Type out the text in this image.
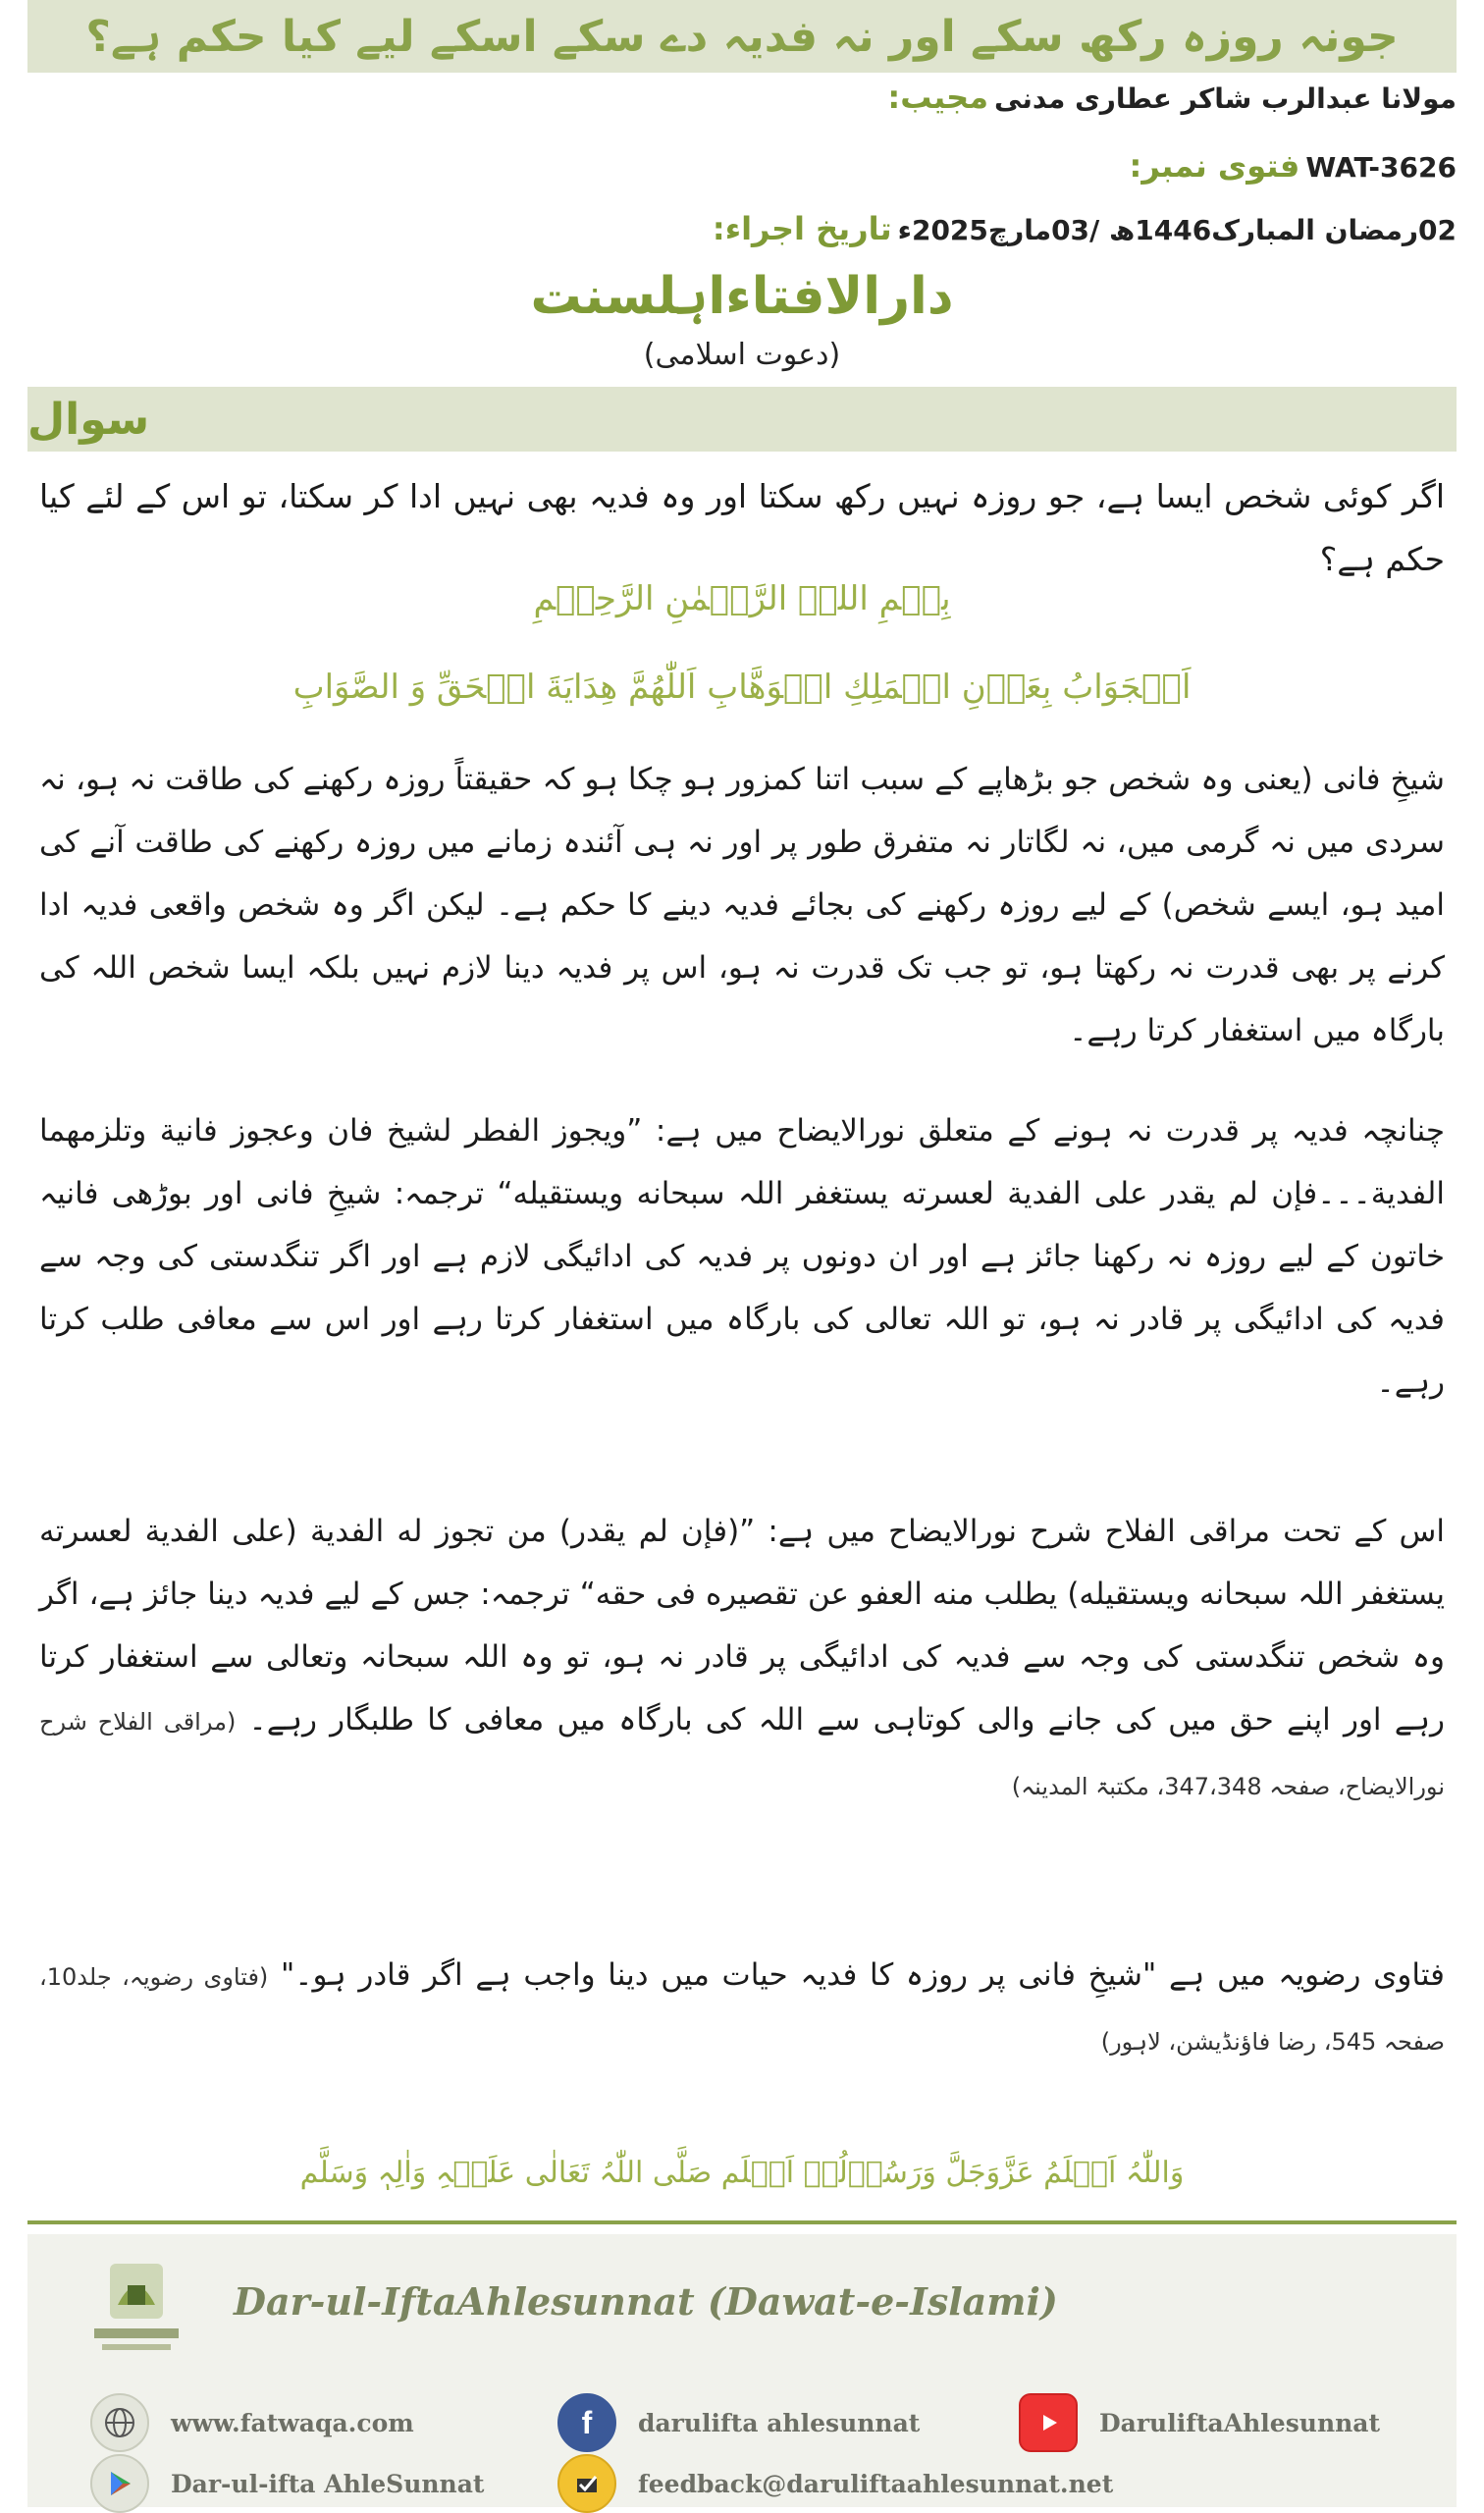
جونہ روزہ رکھ سکے اور نہ فدیہ دے سکے اسکے لیے کیا حکم ہے؟
مجیب: مولانا عبدالرب شاکر عطاری مدنی
فتوی نمبر: WAT-3626
تاریخ اجراء: 02رمضان المبارک1446ھ /03مارچ2025ء
دارالافتاءاہلسنت
(دعوت اسلامی)
سوال
اگر کوئی شخص ایسا ہے، جو روزہ نہیں رکھ سکتا اور وہ فدیہ بھی نہیں ادا کر سکتا، تو اس کے لئے کیا حکم ہے؟
بِسۡمِ اللہِ الرَّحۡمٰنِ الرَّحِیۡمِ
اَلۡجَوَابُ بِعَوۡنِ الۡمَلِكِ الۡوَهَّابِ اَللّٰهُمَّ هِدَايَةَ الۡحَقِّ وَ الصَّوَابِ
شیخِ فانی (یعنی وہ شخص جو بڑھاپے کے سبب اتنا کمزور ہو چکا ہو کہ حقیقتاً روزہ رکھنے کی طاقت نہ ہو، نہ سردی میں نہ گرمی میں، نہ لگاتار نہ متفرق طور پر اور نہ ہی آئندہ زمانے میں روزہ رکھنے کی طاقت آنے کی امید ہو، ایسے شخص) کے لیے روزہ رکھنے کی بجائے فدیہ دینے کا حکم ہے۔ لیکن اگر وہ شخص واقعی فدیہ ادا کرنے پر بھی قدرت نہ رکھتا ہو، تو جب تک قدرت نہ ہو، اس پر فدیہ دینا لازم نہیں بلکہ ایسا شخص اللہ کی بارگاہ میں استغفار کرتا رہے۔
چنانچہ فدیہ پر قدرت نہ ہونے کے متعلق نورالایضاح میں ہے: ”ویجوز الفطر لشیخ فان وعجوز فانیة وتلزمهما الفدیة۔۔۔فإن لم یقدر علی الفدیة لعسرته یستغفر اللہ سبحانه ویستقیله“ ترجمہ: شیخِ فانی اور بوڑھی فانیہ خاتون کے لیے روزہ نہ رکھنا جائز ہے اور ان دونوں پر فدیہ کی ادائیگی لازم ہے اور اگر تنگدستی کی وجہ سے فدیہ کی ادائیگی پر قادر نہ ہو، تو اللہ تعالی کی بارگاہ میں استغفار کرتا رہے اور اس سے معافی طلب کرتا رہے۔
اس کے تحت مراقی الفلاح شرح نورالایضاح میں ہے: ”(فإن لم یقدر) من تجوز له الفدیة (علی الفدیة لعسرته یستغفر اللہ سبحانه ویستقیله) یطلب منه العفو عن تقصیره فی حقه“ ترجمہ: جس کے لیے فدیہ دینا جائز ہے، اگر وہ شخص تنگدستی کی وجہ سے فدیہ کی ادائیگی پر قادر نہ ہو، تو وہ اللہ سبحانہ وتعالی سے استغفار کرتا رہے اور اپنے حق میں کی جانے والی کوتاہی سے اللہ کی بارگاہ میں معافی کا طلبگار رہے۔ (مراقی الفلاح شرح نورالایضاح، صفحہ 347،348، مکتبۃ المدینہ)
فتاوی رضویہ میں ہے "شیخِ فانی پر روزہ کا فدیہ حیات میں دینا واجب ہے اگر قادر ہو۔" (فتاوی رضویہ، جلد10، صفحہ 545، رضا فاؤنڈیشن، لاہور)
وَاللّٰہُ اَعۡلَمُ عَزَّوَجَلَّ وَرَسُوۡلُہٗ اَعۡلَم صَلَّی اللّٰہُ تَعَالٰی عَلَیۡہِ وَاٰلِہٖ وَسَلَّم
Dar-ul-IftaAhlesunnat (Dawat-e-Islami)
www.fatwaqa.com	f darulifta ahlesunnat	DaruliftaAhlesunnat
Dar-ul-ifta AhleSunnat	feedback@daruliftaahlesunnat.net
